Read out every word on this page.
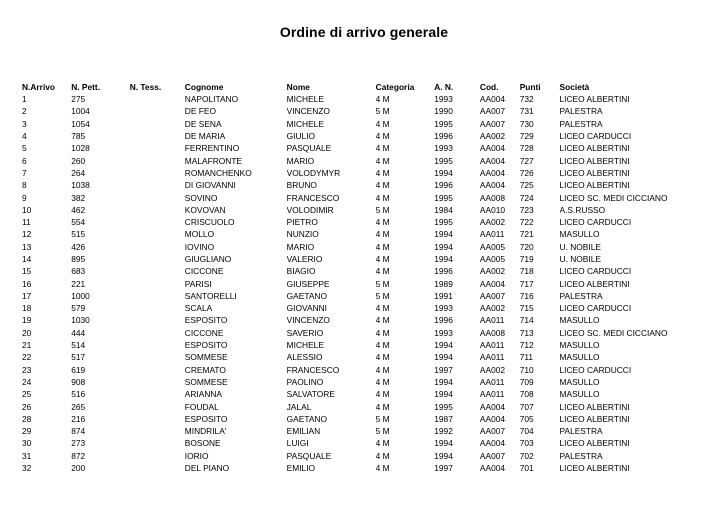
Ordine di arrivo generale
N.Arrivo	N. Pett.	N. Tess.	Cognome	Nome	Categoria	A. N.	Cod.	Punti	Società
1	275		NAPOLITANO	MICHELE	4 M	1993	AA004	732	LICEO ALBERTINI
2	1004		DE FEO	VINCENZO	5 M	1990	AA007	731	PALESTRA
3	1054		DE SENA	MICHELE	4 M	1995	AA007	730	PALESTRA
4	785		DE MARIA	GIULIO	4 M	1996	AA002	729	LICEO CARDUCCI
5	1028		FERRENTINO	PASQUALE	4 M	1993	AA004	728	LICEO ALBERTINI
6	260		MALAFRONTE	MARIO	4 M	1995	AA004	727	LICEO ALBERTINI
7	264		ROMANCHENKO	VOLODYMYR	4 M	1994	AA004	726	LICEO ALBERTINI
8	1038		DI GIOVANNI	BRUNO	4 M	1996	AA004	725	LICEO ALBERTINI
9	382		SOVINO	FRANCESCO	4 M	1995	AA008	724	LICEO SC. MEDI CICCIANO
10	462		KOVOVAN	VOLODIMIR	5 M	1984	AA010	723	A.S.RUSSO
11	554		CRISCUOLO	PIETRO	4 M	1995	AA002	722	LICEO CARDUCCI
12	515		MOLLO	NUNZIO	4 M	1994	AA011	721	MASULLO
13	426		IOVINO	MARIO	4 M	1994	AA005	720	U. NOBILE
14	895		GIUGLIANO	VALERIO	4 M	1994	AA005	719	U. NOBILE
15	683		CICCONE	BIAGIO	4 M	1996	AA002	718	LICEO CARDUCCI
16	221		PARISI	GIUSEPPE	5 M	1989	AA004	717	LICEO ALBERTINI
17	1000		SANTORELLI	GAETANO	5 M	1991	AA007	716	PALESTRA
18	579		SCALA	GIOVANNI	4 M	1993	AA002	715	LICEO CARDUCCI
19	1030		ESPOSITO	VINCENZO	4 M	1996	AA011	714	MASULLO
20	444		CICCONE	SAVERIO	4 M	1993	AA008	713	LICEO SC. MEDI CICCIANO
21	514		ESPOSITO	MICHELE	4 M	1994	AA011	712	MASULLO
22	517		SOMMESE	ALESSIO	4 M	1994	AA011	711	MASULLO
23	619		CREMATO	FRANCESCO	4 M	1997	AA002	710	LICEO CARDUCCI
24	908		SOMMESE	PAOLINO	4 M	1994	AA011	709	MASULLO
25	516		ARIANNA	SALVATORE	4 M	1994	AA011	708	MASULLO
26	265		FOUDAL	JALAL	4 M	1995	AA004	707	LICEO ALBERTINI
28	216		ESPOSITO	GAETANO	5 M	1987	AA004	705	LICEO ALBERTINI
29	874		MINDRILA'	EMILIAN	5 M	1992	AA007	704	PALESTRA
30	273		BOSONE	LUIGI	4 M	1994	AA004	703	LICEO ALBERTINI
31	872		IORIO	PASQUALE	4 M	1994	AA007	702	PALESTRA
32	200		DEL PIANO	EMILIO	4 M	1997	AA004	701	LICEO ALBERTINI
